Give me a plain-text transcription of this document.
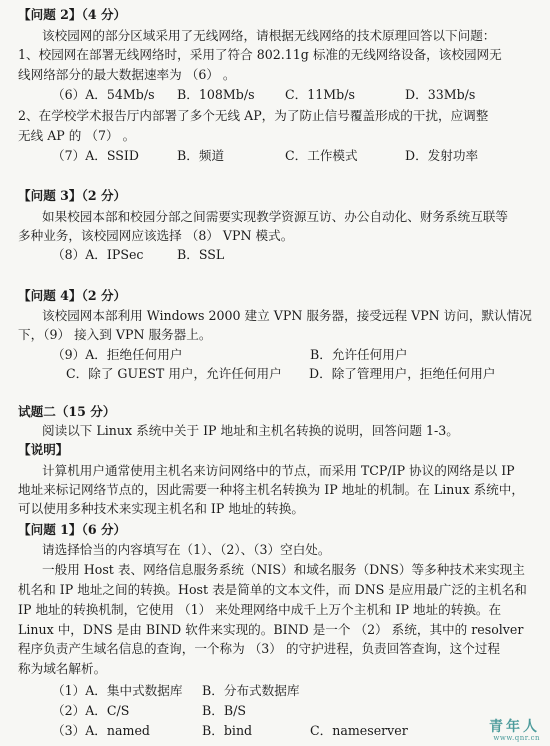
【问题 2】（4 分）
该校园网的部分区域采用了无线网络，请根据无线网络的技术原理回答以下问题：
1、校园网在部署无线网络时，采用了符合 802.11g 标准的无线网络设备，该校园网无
线网络部分的最大数据速率为 （6） 。
（6）A．54Mb/s B．108Mb/s C．11Mb/s	D．33Mb/s
2、在学校学术报告厅内部署了多个无线 AP，为了防止信号覆盖形成的干扰，应调整
无线 AP 的 （7） 。
（7）A．SSID	B．频道	C．工作模式	D．发射功率
【问题 3】（2 分）
如果校园本部和校园分部之间需要实现教学资源互访、办公自动化、财务系统互联等
多种业务，该校园网应该选择 （8） VPN 模式。
（8）A．IPSec	B．SSL
【问题 4】（2 分）
该校园网本部利用 Windows 2000 建立 VPN 服务器，接受远程 VPN 访问，默认情况
下，（9） 接入到 VPN 服务器上。
（9）A．拒绝任何用户	B．允许任何用户
C．除了 GUEST 用户，允许任何用户 D．除了管理用户，拒绝任何用户
试题二（15 分）
阅读以下 Linux 系统中关于 IP 地址和主机名转换的说明，回答问题 1-3。
【说明】
计算机用户通常使用主机名来访问网络中的节点，而采用 TCP/IP 协议的网络是以 IP
地址来标记网络节点的，因此需要一种将主机名转换为 IP 地址的机制。在 Linux 系统中，
可以使用多种技术来实现主机名和 IP 地址的转换。
【问题 1】（6 分）
请选择恰当的内容填写在（1）、（2）、（3）空白处。
一般用 Host 表、网络信息服务系统（NIS）和域名服务（DNS）等多种技术来实现主
机名和 IP 地址之间的转换。Host 表是简单的文本文件，而 DNS 是应用最广泛的主机名和
IP 地址的转换机制，它使用 （1） 来处理网络中成千上万个主机和 IP 地址的转换。在
Linux 中，DNS 是由 BIND 软件来实现的。BIND 是一个 （2） 系统，其中的 resolver
程序负责产生域名信息的查询，一个称为 （3） 的守护进程，负责回答查询，这个过程
称为域名解析。
（1）A．集中式数据库 B．分布式数据库
（2）A．C/S	B．B/S
（3）A．named	B．bind	C．nameserver	青年人
www.qnr.cn
